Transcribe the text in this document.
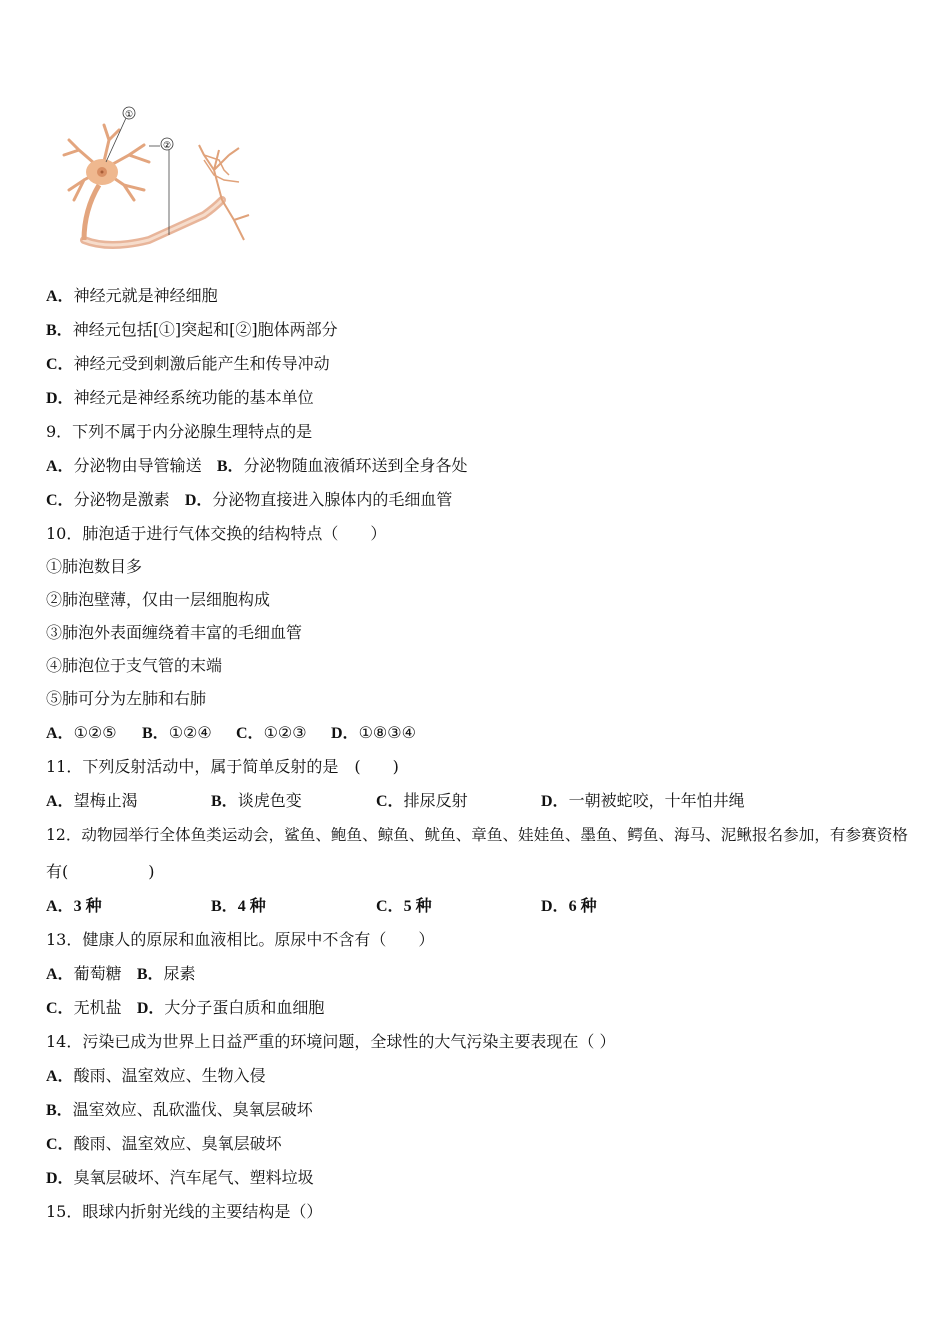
①
②
A．神经元就是神经细胞
B．神经元包括[①]突起和[②]胞体两部分
C．神经元受到刺激后能产生和传导冲动
D．神经元是神经系统功能的基本单位
9．下列不属于内分泌腺生理特点的是
A．分泌物由导管输送 B．分泌物随血液循环送到全身各处
C．分泌物是激素 D．分泌物直接进入腺体内的毛细血管
10．肺泡适于进行气体交换的结构特点（　　）
①肺泡数目多
②肺泡壁薄，仅由一层细胞构成
③肺泡外表面缠绕着丰富的毛细血管
④肺泡位于支气管的末端
⑤肺可分为左肺和右肺
A．①②⑤ B．①②④ C．①②③ D．①⑧③④
11．下列反射活动中，属于简单反射的是　(　　)
A．望梅止渴	B．谈虎色变	C．排尿反射	D．一朝被蛇咬，十年怕井绳
12．动物园举行全体鱼类运动会，鲨鱼、鲍鱼、鲸鱼、鱿鱼、章鱼、娃娃鱼、墨鱼、鳄鱼、海马、泥鳅报名参加，有参赛资格
有(　　　　　)
A．3 种	B．4 种	C．5 种	D．6 种
13．健康人的原尿和血液相比。原尿中不含有（　　）
A．葡萄糖 B．尿素
C．无机盐 D．大分子蛋白质和血细胞
14．污染已成为世界上日益严重的环境问题，全球性的大气污染主要表现在（ ）
A．酸雨、温室效应、生物入侵
B．温室效应、乱砍滥伐、臭氧层破坏
C．酸雨、温室效应、臭氧层破坏
D．臭氧层破坏、汽车尾气、塑料垃圾
15．眼球内折射光线的主要结构是（）
